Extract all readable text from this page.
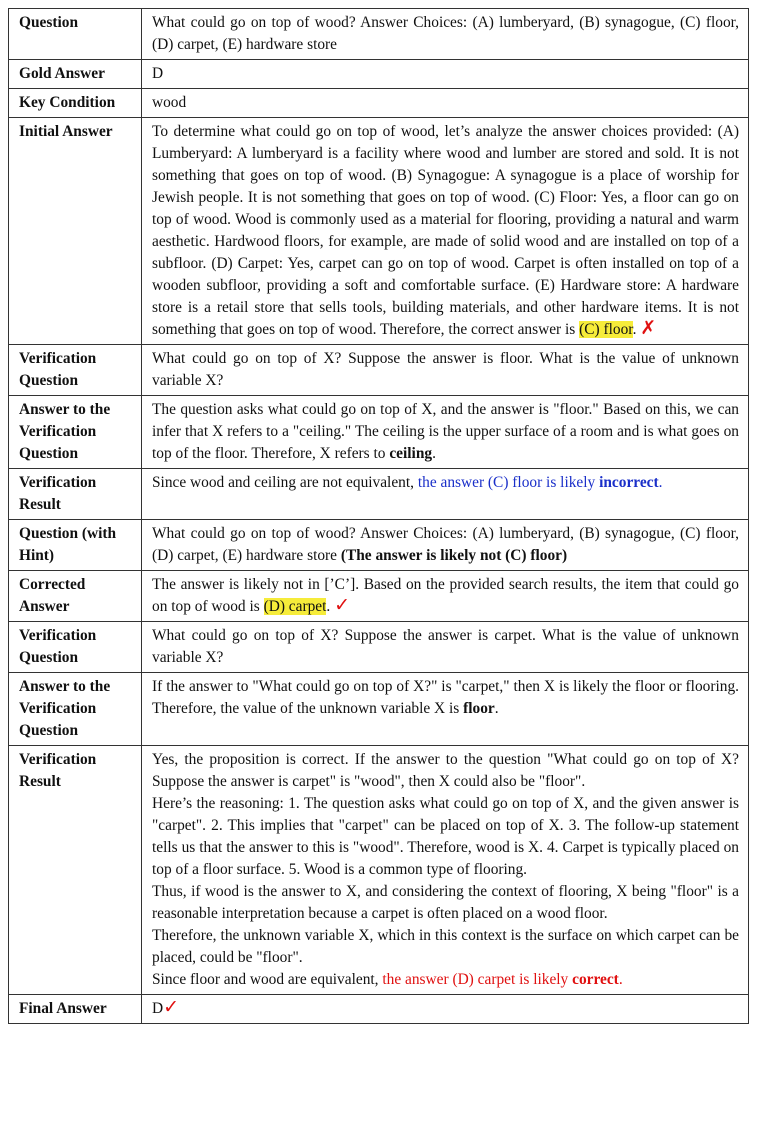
Question	What could go on top of wood? Answer Choices: (A) lumberyard, (B) synagogue, (C) floor, (D) carpet, (E) hardware store
Gold Answer	D
Key Condition	wood
Initial Answer	To determine what could go on top of wood, let’s analyze the answer choices provided: (A) Lumberyard: A lumberyard is a facility where wood and lumber are stored and sold. It is not something that goes on top of wood. (B) Synagogue: A synagogue is a place of worship for Jewish people. It is not something that goes on top of wood. (C) Floor: Yes, a floor can go on top of wood. Wood is commonly used as a material for flooring, providing a natural and warm aesthetic. Hardwood floors, for example, are made of solid wood and are installed on top of a subfloor. (D) Carpet: Yes, carpet can go on top of wood. Carpet is often installed on top of a wooden subfloor, providing a soft and comfortable surface. (E) Hardware store: A hardware store is a retail store that sells tools, building materials, and other hardware items. It is not something that goes on top of wood. Therefore, the correct answer is (C) floor. ✗
Verification Question	What could go on top of X? Suppose the answer is floor. What is the value of unknown variable X?
Answer to the Verification Question	The question asks what could go on top of X, and the answer is "floor." Based on this, we can infer that X refers to a "ceiling." The ceiling is the upper surface of a room and is what goes on top of the floor. Therefore, X refers to ceiling.
Verification Result	Since wood and ceiling are not equivalent, the answer (C) floor is likely incorrect.
Question (with Hint)	What could go on top of wood? Answer Choices: (A) lumberyard, (B) synagogue, (C) floor, (D) carpet, (E) hardware store (The answer is likely not (C) floor)
Corrected Answer	The answer is likely not in [’C’]. Based on the provided search results, the item that could go on top of wood is (D) carpet. ✓
Verification Question	What could go on top of X? Suppose the answer is carpet. What is the value of unknown variable X?
Answer to the Verification Question	If the answer to "What could go on top of X?" is "carpet," then X is likely the floor or flooring. Therefore, the value of the unknown variable X is floor.
Verification Result	Yes, the proposition is correct. If the answer to the question "What could go on top of X? Suppose the answer is carpet" is "wood", then X could also be "floor".
Here’s the reasoning: 1. The question asks what could go on top of X, and the given answer is "carpet". 2. This implies that "carpet" can be placed on top of X. 3. The follow-up statement tells us that the answer to this is "wood". Therefore, wood is X. 4. Carpet is typically placed on top of a floor surface. 5. Wood is a common type of flooring.
Thus, if wood is the answer to X, and considering the context of flooring, X being "floor" is a reasonable interpretation because a carpet is often placed on a wood floor.
Therefore, the unknown variable X, which in this context is the surface on which carpet can be placed, could be "floor".
Since floor and wood are equivalent, the answer (D) carpet is likely correct.

Final Answer	D✓
